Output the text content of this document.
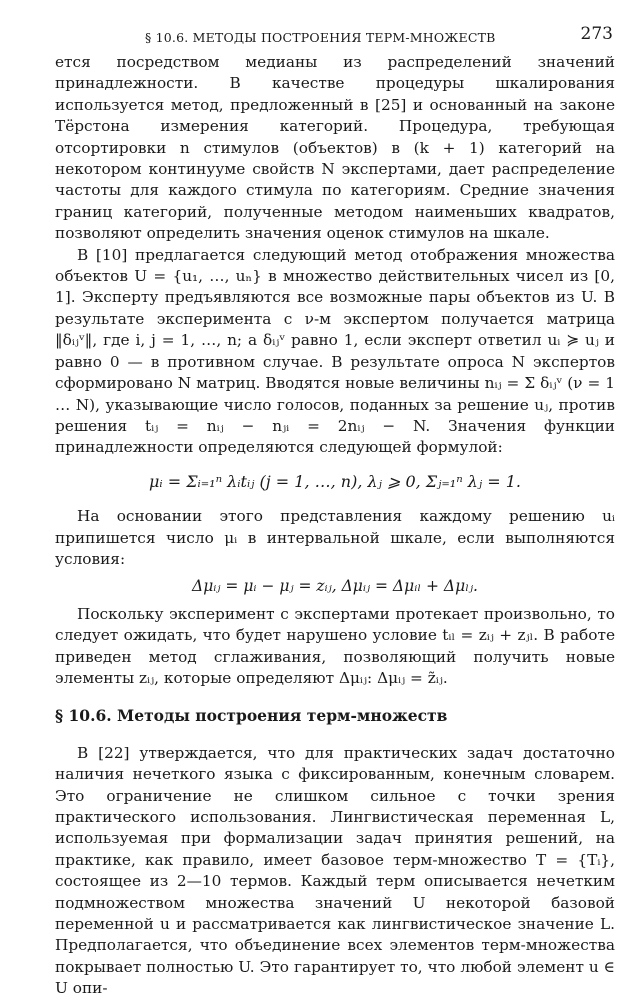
§ 10.6. МЕТОДЫ ПОСТРОЕНИЯ ТЕРМ-МНОЖЕСТВ	273

ется посредством медианы из распределений значений принадлежности. В качестве процедуры шкалирования используется метод, предложенный в [25] и основанный на законе Тёрстона измерения категорий. Процедура, требующая отсортировки n стимулов (объектов) в (k + 1) категорий на некотором континууме свойств N экспертами, дает распределение частоты для каждого стимула по категориям. Средние значения границ категорий, полученные методом наименьших квадратов, позволяют определить значения оценок стимулов на шкале.

В [10] предлагается следующий метод отображения множества объектов U = {u₁, …, uₙ} в множество действительных чисел из [0, 1]. Эксперту предъявляются все возможные пары объектов из U. В результате эксперимента с ν-м экспертом получается матрица ‖δᵢⱼᵛ‖, где i, j = 1, …, n; а δᵢⱼᵛ равно 1, если эксперт ответил uᵢ ≽ uⱼ и равно 0 — в противном случае. В результате опроса N экспертов сформировано N матриц. Вводятся новые величины nᵢⱼ = Σ δᵢⱼᵛ (ν = 1 … N), указывающие число голосов, поданных за решение uⱼ, против решения tᵢⱼ = nᵢⱼ − nⱼᵢ = 2nᵢⱼ − N. Значения функции принадлежности определяются следующей формулой:

μᵢ = Σᵢ₌₁ⁿ λᵢtᵢⱼ (j = 1, …, n), λⱼ ⩾ 0, Σⱼ₌₁ⁿ λⱼ = 1.

На основании этого представления каждому решению uᵢ припишется число μᵢ в интервальной шкале, если выполняются условия:

Δμᵢⱼ = μᵢ − μⱼ = zᵢⱼ, Δμᵢⱼ = Δμᵢₗ + Δμₗⱼ.

Поскольку эксперимент с экспертами протекает произвольно, то следует ожидать, что будет нарушено условие tᵢₗ = zᵢⱼ + zⱼₗ. В работе приведен метод сглаживания, позволяющий получить новые элементы zᵢⱼ, которые определяют Δμᵢⱼ: Δμᵢⱼ = z̃ᵢⱼ.

§ 10.6. Методы построения терм-множеств

В [22] утверждается, что для практических задач достаточно наличия нечеткого языка с фиксированным, конечным словарем. Это ограничение не слишком сильное с точки зрения практического использования. Лингвистическая переменная L, используемая при формализации задач принятия решений, на практике, как правило, имеет базовое терм-множество T = {Tᵢ}, состоящее из 2—10 термов. Каждый терм описывается нечетким подмножеством множества значений U некоторой базовой переменной u и рассматривается как лингвистическое значение L. Предполагается, что объединение всех элементов терм-множества покрывает полностью U. Это гарантирует то, что любой элемент u ∈ U опи-
